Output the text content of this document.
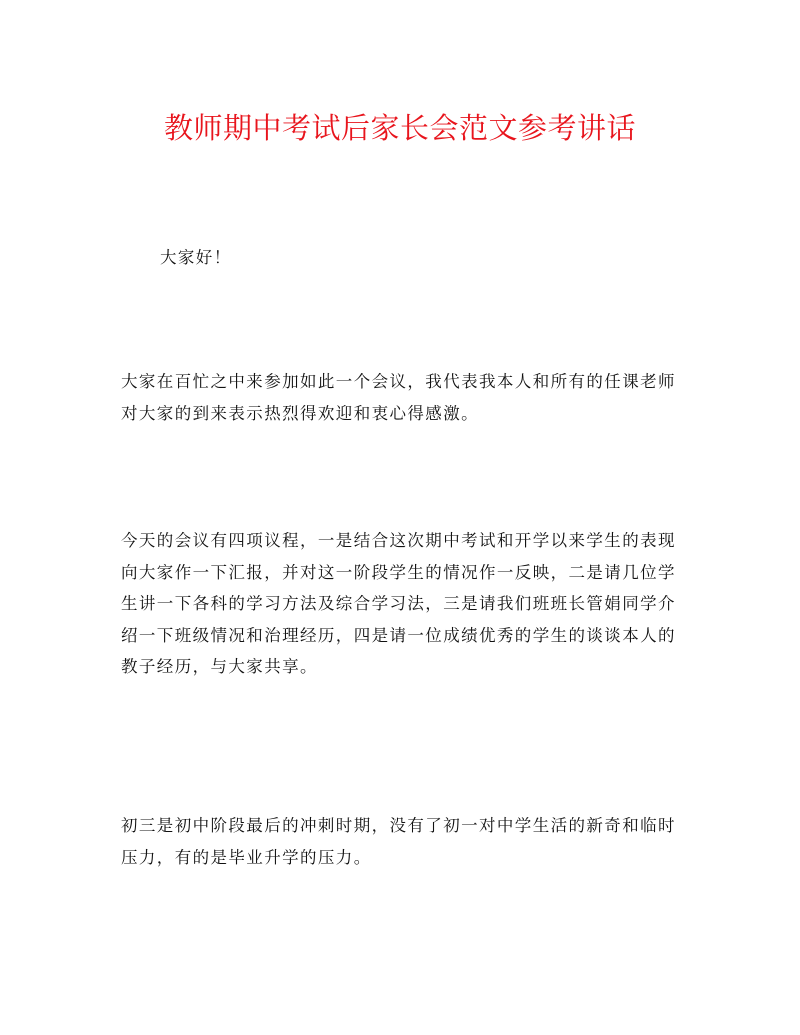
教师期中考试后家长会范文参考讲话

大家好！

大家在百忙之中来参加如此一个会议，我代表我本人和所有的任课老师对大家的到来表示热烈得欢迎和衷心得感激。

今天的会议有四项议程，一是结合这次期中考试和开学以来学生的表现向大家作一下汇报，并对这一阶段学生的情况作一反映，二是请几位学生讲一下各科的学习方法及综合学习法，三是请我们班班长管娟同学介绍一下班级情况和治理经历，四是请一位成绩优秀的学生的谈谈本人的教子经历，与大家共享。

初三是初中阶段最后的冲刺时期，没有了初一对中学生活的新奇和临时压力，有的是毕业升学的压力。
